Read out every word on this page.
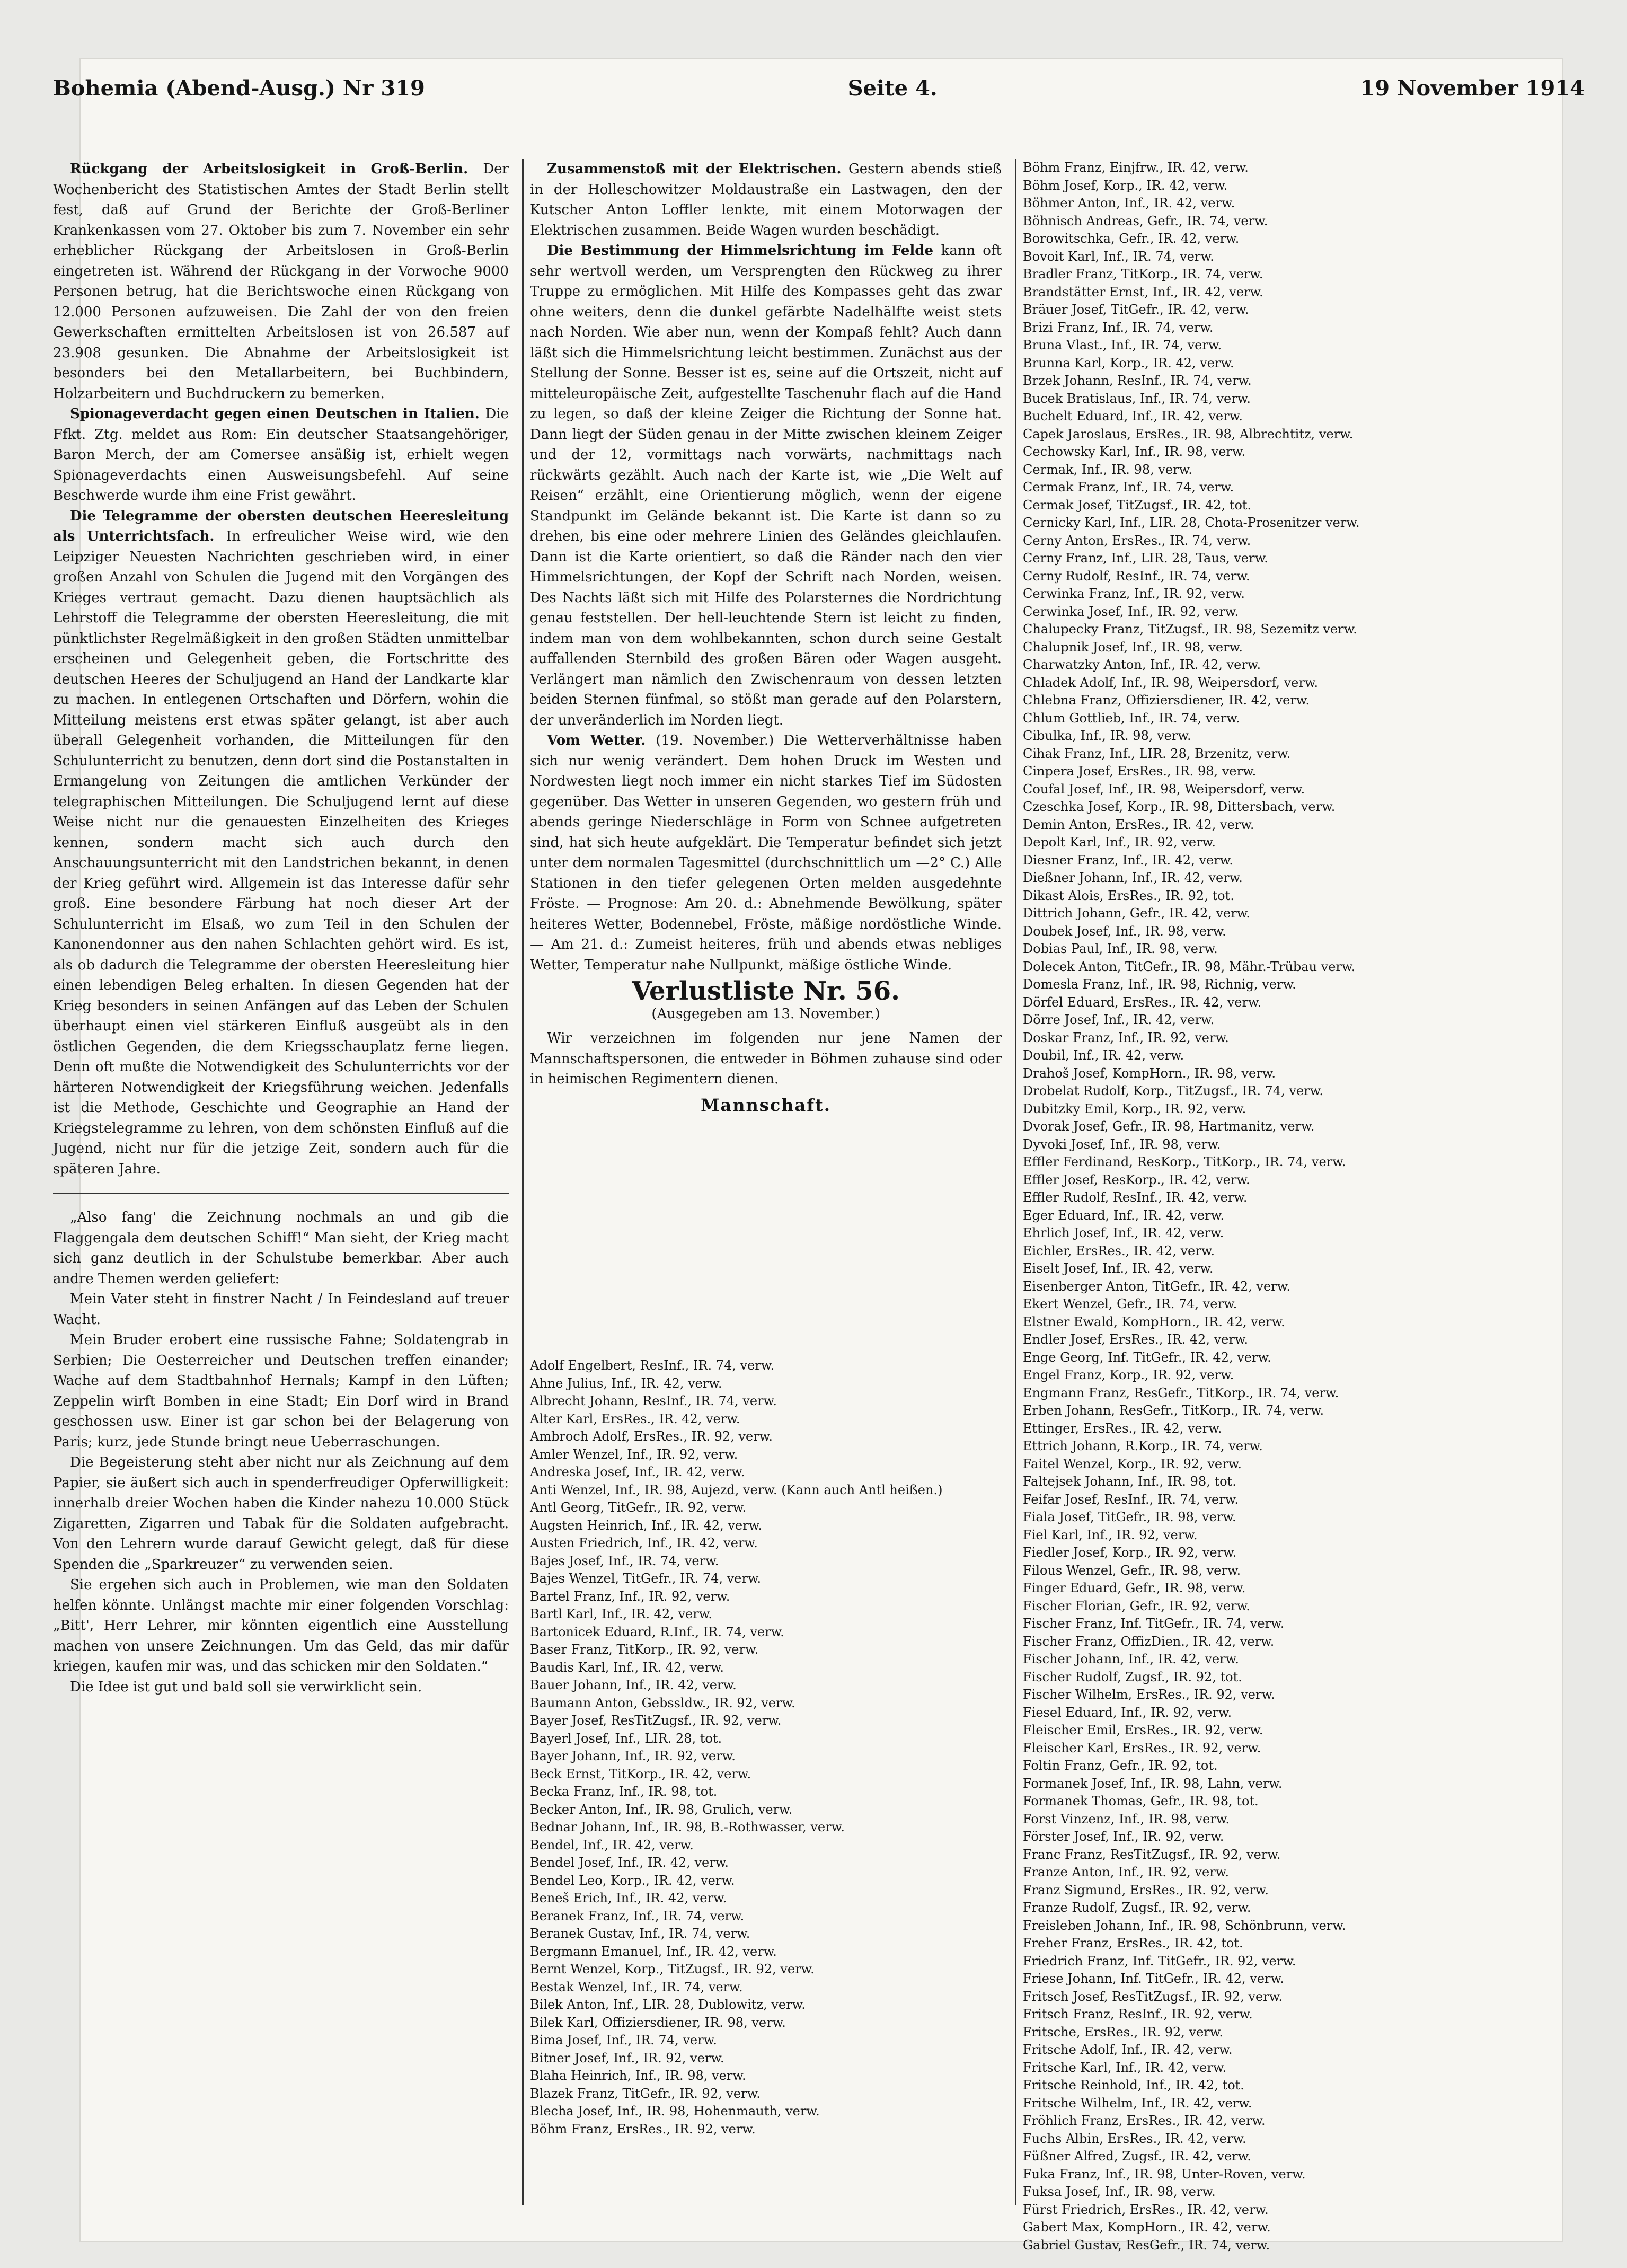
Bohemia (Abend-Ausg.) Nr 319	Seite 4.	19 November 1914

Rückgang der Arbeitslosigkeit in Groß-Berlin. Der Wochenbericht des Statistischen Amtes der Stadt Berlin stellt fest, daß auf Grund der Berichte der Groß-Berliner Krankenkassen vom 27. Oktober bis zum 7. November ein sehr erheblicher Rückgang der Arbeitslosen in Groß-Berlin eingetreten ist. Während der Rückgang in der Vorwoche 9000 Personen betrug, hat die Berichtswoche einen Rückgang von 12.000 Personen aufzuweisen. Die Zahl der von den freien Gewerkschaften ermittelten Arbeitslosen ist von 26.587 auf 23.908 gesunken. Die Abnahme der Arbeitslosigkeit ist besonders bei den Metallarbeitern, bei Buchbindern, Holzarbeitern und Buchdruckern zu bemerken.

Spionageverdacht gegen einen Deutschen in Italien. Die Ffkt. Ztg. meldet aus Rom: Ein deutscher Staatsangehöriger, Baron Merch, der am Comersee ansäßig ist, erhielt wegen Spionageverdachts einen Ausweisungsbefehl. Auf seine Beschwerde wurde ihm eine Frist gewährt.

Die Telegramme der obersten deutschen Heeresleitung als Unterrichtsfach. In erfreulicher Weise wird, wie den Leipziger Neuesten Nachrichten geschrieben wird, in einer großen Anzahl von Schulen die Jugend mit den Vorgängen des Krieges vertraut gemacht. Dazu dienen hauptsächlich als Lehrstoff die Telegramme der obersten Heeresleitung, die mit pünktlichster Regelmäßigkeit in den großen Städten unmittelbar erscheinen und Gelegenheit geben, die Fortschritte des deutschen Heeres der Schuljugend an Hand der Landkarte klar zu machen. In entlegenen Ortschaften und Dörfern, wohin die Mitteilung meistens erst etwas später gelangt, ist aber auch überall Gelegenheit vorhanden, die Mitteilungen für den Schulunterricht zu benutzen, denn dort sind die Postanstalten in Ermangelung von Zeitungen die amtlichen Verkünder der telegraphischen Mitteilungen. Die Schuljugend lernt auf diese Weise nicht nur die genauesten Einzelheiten des Krieges kennen, sondern macht sich auch durch den Anschauungsunterricht mit den Landstrichen bekannt, in denen der Krieg geführt wird. Allgemein ist das Interesse dafür sehr groß. Eine besondere Färbung hat noch dieser Art der Schulunterricht im Elsaß, wo zum Teil in den Schulen der Kanonendonner aus den nahen Schlachten gehört wird. Es ist, als ob dadurch die Telegramme der obersten Heeresleitung hier einen lebendigen Beleg erhalten. In diesen Gegenden hat der Krieg besonders in seinen Anfängen auf das Leben der Schulen überhaupt einen viel stärkeren Einfluß ausgeübt als in den östlichen Gegenden, die dem Kriegsschauplatz ferne liegen. Denn oft mußte die Notwendigkeit des Schulunterrichts vor der härteren Notwendigkeit der Kriegsführung weichen. Jedenfalls ist die Methode, Geschichte und Geographie an Hand der Kriegstelegramme zu lehren, von dem schönsten Einfluß auf die Jugend, nicht nur für die jetzige Zeit, sondern auch für die späteren Jahre.

„Also fang' die Zeichnung nochmals an und gib die Flaggengala dem deutschen Schiff!“ Man sieht, der Krieg macht sich ganz deutlich in der Schulstube bemerkbar. Aber auch andre Themen werden geliefert:

Mein Vater steht in finstrer Nacht / In Feindesland auf treuer Wacht.

Mein Bruder erobert eine russische Fahne; Soldatengrab in Serbien; Die Oesterreicher und Deutschen treffen einander; Wache auf dem Stadtbahnhof Hernals; Kampf in den Lüften; Zeppelin wirft Bomben in eine Stadt; Ein Dorf wird in Brand geschossen usw. Einer ist gar schon bei der Belagerung von Paris; kurz, jede Stunde bringt neue Ueberraschungen.

Die Begeisterung steht aber nicht nur als Zeichnung auf dem Papier, sie äußert sich auch in spenderfreudiger Opferwilligkeit: innerhalb dreier Wochen haben die Kinder nahezu 10.000 Stück Zigaretten, Zigarren und Tabak für die Soldaten aufgebracht. Von den Lehrern wurde darauf Gewicht gelegt, daß für diese Spenden die „Sparkreuzer“ zu verwenden seien.

Sie ergehen sich auch in Problemen, wie man den Soldaten helfen könnte. Unlängst machte mir einer folgenden Vorschlag: „Bitt', Herr Lehrer, mir könnten eigentlich eine Ausstellung machen von unsere Zeichnungen. Um das Geld, das mir dafür kriegen, kaufen mir was, und das schicken mir den Soldaten.“

Die Idee ist gut und bald soll sie verwirklicht sein.

Zusammenstoß mit der Elektrischen. Gestern abends stieß in der Holleschowitzer Moldaustraße ein Lastwagen, den der Kutscher Anton Loffler lenkte, mit einem Motorwagen der Elektrischen zusammen. Beide Wagen wurden beschädigt.

Die Bestimmung der Himmelsrichtung im Felde kann oft sehr wertvoll werden, um Versprengten den Rückweg zu ihrer Truppe zu ermöglichen. Mit Hilfe des Kompasses geht das zwar ohne weiters, denn die dunkel gefärbte Nadelhälfte weist stets nach Norden. Wie aber nun, wenn der Kompaß fehlt? Auch dann läßt sich die Himmelsrichtung leicht bestimmen. Zunächst aus der Stellung der Sonne. Besser ist es, seine auf die Ortszeit, nicht auf mitteleuropäische Zeit, aufgestellte Taschenuhr flach auf die Hand zu legen, so daß der kleine Zeiger die Richtung der Sonne hat. Dann liegt der Süden genau in der Mitte zwischen kleinem Zeiger und der 12, vormittags nach vorwärts, nachmittags nach rückwärts gezählt. Auch nach der Karte ist, wie „Die Welt auf Reisen“ erzählt, eine Orientierung möglich, wenn der eigene Standpunkt im Gelände bekannt ist. Die Karte ist dann so zu drehen, bis eine oder mehrere Linien des Geländes gleichlaufen. Dann ist die Karte orientiert, so daß die Ränder nach den vier Himmelsrichtungen, der Kopf der Schrift nach Norden, weisen. Des Nachts läßt sich mit Hilfe des Polarsternes die Nordrichtung genau feststellen. Der hell-leuchtende Stern ist leicht zu finden, indem man von dem wohlbekannten, schon durch seine Gestalt auffallenden Sternbild des großen Bären oder Wagen ausgeht. Verlängert man nämlich den Zwischenraum von dessen letzten beiden Sternen fünfmal, so stößt man gerade auf den Polarstern, der unveränderlich im Norden liegt.

Vom Wetter. (19. November.) Die Wetterverhältnisse haben sich nur wenig verändert. Dem hohen Druck im Westen und Nordwesten liegt noch immer ein nicht starkes Tief im Südosten gegenüber. Das Wetter in unseren Gegenden, wo gestern früh und abends geringe Niederschläge in Form von Schnee aufgetreten sind, hat sich heute aufgeklärt. Die Temperatur befindet sich jetzt unter dem normalen Tagesmittel (durchschnittlich um —2° C.) Alle Stationen in den tiefer gelegenen Orten melden ausgedehnte Fröste. — Prognose: Am 20. d.: Abnehmende Bewölkung, später heiteres Wetter, Bodennebel, Fröste, mäßige nordöstliche Winde. — Am 21. d.: Zumeist heiteres, früh und abends etwas nebliges Wetter, Temperatur nahe Nullpunkt, mäßige östliche Winde.

Verlustliste Nr. 56.
(Ausgegeben am 13. November.)

Wir verzeichnen im folgenden nur jene Namen der Mannschaftspersonen, die entweder in Böhmen zuhause sind oder in heimischen Regimentern dienen.

Mannschaft.
Adolf Engelbert, ResInf., IR. 74, verw.
Ahne Julius, Inf., IR. 42, verw.
Albrecht Johann, ResInf., IR. 74, verw.
Alter Karl, ErsRes., IR. 42, verw.
Ambroch Adolf, ErsRes., IR. 92, verw.
Amler Wenzel, Inf., IR. 92, verw.
Andreska Josef, Inf., IR. 42, verw.
Anti Wenzel, Inf., IR. 98, Aujezd, verw. (Kann auch Antl heißen.)
Antl Georg, TitGefr., IR. 92, verw.
Augsten Heinrich, Inf., IR. 42, verw.
Austen Friedrich, Inf., IR. 42, verw.
Bajes Josef, Inf., IR. 74, verw.
Bajes Wenzel, TitGefr., IR. 74, verw.
Bartel Franz, Inf., IR. 92, verw.
Bartl Karl, Inf., IR. 42, verw.
Bartonicek Eduard, R.Inf., IR. 74, verw.
Baser Franz, TitKorp., IR. 92, verw.
Baudis Karl, Inf., IR. 42, verw.
Bauer Johann, Inf., IR. 42, verw.
Baumann Anton, Gebssldw., IR. 92, verw.
Bayer Josef, ResTitZugsf., IR. 92, verw.
Bayerl Josef, Inf., LIR. 28, tot.
Bayer Johann, Inf., IR. 92, verw.
Beck Ernst, TitKorp., IR. 42, verw.
Becka Franz, Inf., IR. 98, tot.
Becker Anton, Inf., IR. 98, Grulich, verw.
Bednar Johann, Inf., IR. 98, B.-Rothwasser, verw.
Bendel, Inf., IR. 42, verw.
Bendel Josef, Inf., IR. 42, verw.
Bendel Leo, Korp., IR. 42, verw.
Beneš Erich, Inf., IR. 42, verw.
Beranek Franz, Inf., IR. 74, verw.
Beranek Gustav, Inf., IR. 74, verw.
Bergmann Emanuel, Inf., IR. 42, verw.
Bernt Wenzel, Korp., TitZugsf., IR. 92, verw.
Bestak Wenzel, Inf., IR. 74, verw.
Bilek Anton, Inf., LIR. 28, Dublowitz, verw.
Bilek Karl, Offiziersdiener, IR. 98, verw.
Bima Josef, Inf., IR. 74, verw.
Bitner Josef, Inf., IR. 92, verw.
Blaha Heinrich, Inf., IR. 98, verw.
Blazek Franz, TitGefr., IR. 92, verw.
Blecha Josef, Inf., IR. 98, Hohenmauth, verw.
Böhm Franz, ErsRes., IR. 92, verw.
Böhm Franz, Einjfrw., IR. 42, verw.
Böhm Josef, Korp., IR. 42, verw.
Böhmer Anton, Inf., IR. 42, verw.
Böhnisch Andreas, Gefr., IR. 74, verw.
Borowitschka, Gefr., IR. 42, verw.
Bovoit Karl, Inf., IR. 74, verw.
Bradler Franz, TitKorp., IR. 74, verw.
Brandstätter Ernst, Inf., IR. 42, verw.
Bräuer Josef, TitGefr., IR. 42, verw.
Brizi Franz, Inf., IR. 74, verw.
Bruna Vlast., Inf., IR. 74, verw.
Brunna Karl, Korp., IR. 42, verw.
Brzek Johann, ResInf., IR. 74, verw.
Bucek Bratislaus, Inf., IR. 74, verw.
Buchelt Eduard, Inf., IR. 42, verw.
Capek Jaroslaus, ErsRes., IR. 98, Albrechtitz, verw.
Cechowsky Karl, Inf., IR. 98, verw.
Cermak, Inf., IR. 98, verw.
Cermak Franz, Inf., IR. 74, verw.
Cermak Josef, TitZugsf., IR. 42, tot.
Cernicky Karl, Inf., LIR. 28, Chota-Prosenitzer verw.
Cerny Anton, ErsRes., IR. 74, verw.
Cerny Franz, Inf., LIR. 28, Taus, verw.
Cerny Rudolf, ResInf., IR. 74, verw.
Cerwinka Franz, Inf., IR. 92, verw.
Cerwinka Josef, Inf., IR. 92, verw.
Chalupecky Franz, TitZugsf., IR. 98, Sezemitz verw.
Chalupnik Josef, Inf., IR. 98, verw.
Charwatzky Anton, Inf., IR. 42, verw.
Chladek Adolf, Inf., IR. 98, Weipersdorf, verw.
Chlebna Franz, Offiziersdiener, IR. 42, verw.
Chlum Gottlieb, Inf., IR. 74, verw.
Cibulka, Inf., IR. 98, verw.
Cihak Franz, Inf., LIR. 28, Brzenitz, verw.
Cinpera Josef, ErsRes., IR. 98, verw.
Coufal Josef, Inf., IR. 98, Weipersdorf, verw.
Czeschka Josef, Korp., IR. 98, Dittersbach, verw.
Demin Anton, ErsRes., IR. 42, verw.
Depolt Karl, Inf., IR. 92, verw.
Diesner Franz, Inf., IR. 42, verw.
Dießner Johann, Inf., IR. 42, verw.
Dikast Alois, ErsRes., IR. 92, tot.
Dittrich Johann, Gefr., IR. 42, verw.
Doubek Josef, Inf., IR. 98, verw.
Dobias Paul, Inf., IR. 98, verw.
Dolecek Anton, TitGefr., IR. 98, Mähr.-Trübau verw.
Domesla Franz, Inf., IR. 98, Richnig, verw.
Dörfel Eduard, ErsRes., IR. 42, verw.
Dörre Josef, Inf., IR. 42, verw.
Doskar Franz, Inf., IR. 92, verw.
Doubil, Inf., IR. 42, verw.
Drahoš Josef, KompHorn., IR. 98, verw.
Drobelat Rudolf, Korp., TitZugsf., IR. 74, verw.
Dubitzky Emil, Korp., IR. 92, verw.
Dvorak Josef, Gefr., IR. 98, Hartmanitz, verw.
Dyvoki Josef, Inf., IR. 98, verw.
Effler Ferdinand, ResKorp., TitKorp., IR. 74, verw.
Effler Josef, ResKorp., IR. 42, verw.
Effler Rudolf, ResInf., IR. 42, verw.
Eger Eduard, Inf., IR. 42, verw.
Ehrlich Josef, Inf., IR. 42, verw.
Eichler, ErsRes., IR. 42, verw.
Eiselt Josef, Inf., IR. 42, verw.
Eisenberger Anton, TitGefr., IR. 42, verw.
Ekert Wenzel, Gefr., IR. 74, verw.
Elstner Ewald, KompHorn., IR. 42, verw.
Endler Josef, ErsRes., IR. 42, verw.
Enge Georg, Inf. TitGefr., IR. 42, verw.
Engel Franz, Korp., IR. 92, verw.
Engmann Franz, ResGefr., TitKorp., IR. 74, verw.
Erben Johann, ResGefr., TitKorp., IR. 74, verw.
Ettinger, ErsRes., IR. 42, verw.
Ettrich Johann, R.Korp., IR. 74, verw.
Faitel Wenzel, Korp., IR. 92, verw.
Faltejsek Johann, Inf., IR. 98, tot.
Feifar Josef, ResInf., IR. 74, verw.
Fiala Josef, TitGefr., IR. 98, verw.
Fiel Karl, Inf., IR. 92, verw.
Fiedler Josef, Korp., IR. 92, verw.
Filous Wenzel, Gefr., IR. 98, verw.
Finger Eduard, Gefr., IR. 98, verw.
Fischer Florian, Gefr., IR. 92, verw.
Fischer Franz, Inf. TitGefr., IR. 74, verw.
Fischer Franz, OffizDien., IR. 42, verw.
Fischer Johann, Inf., IR. 42, verw.
Fischer Rudolf, Zugsf., IR. 92, tot.
Fischer Wilhelm, ErsRes., IR. 92, verw.
Fiesel Eduard, Inf., IR. 92, verw.
Fleischer Emil, ErsRes., IR. 92, verw.
Fleischer Karl, ErsRes., IR. 92, verw.
Foltin Franz, Gefr., IR. 92, tot.
Formanek Josef, Inf., IR. 98, Lahn, verw.
Formanek Thomas, Gefr., IR. 98, tot.
Forst Vinzenz, Inf., IR. 98, verw.
Förster Josef, Inf., IR. 92, verw.
Franc Franz, ResTitZugsf., IR. 92, verw.
Franze Anton, Inf., IR. 92, verw.
Franz Sigmund, ErsRes., IR. 92, verw.
Franze Rudolf, Zugsf., IR. 92, verw.
Freisleben Johann, Inf., IR. 98, Schönbrunn, verw.
Freher Franz, ErsRes., IR. 42, tot.
Friedrich Franz, Inf. TitGefr., IR. 92, verw.
Friese Johann, Inf. TitGefr., IR. 42, verw.
Fritsch Josef, ResTitZugsf., IR. 92, verw.
Fritsch Franz, ResInf., IR. 92, verw.
Fritsche, ErsRes., IR. 92, verw.
Fritsche Adolf, Inf., IR. 42, verw.
Fritsche Karl, Inf., IR. 42, verw.
Fritsche Reinhold, Inf., IR. 42, tot.
Fritsche Wilhelm, Inf., IR. 42, verw.
Fröhlich Franz, ErsRes., IR. 42, verw.
Fuchs Albin, ErsRes., IR. 42, verw.
Füßner Alfred, Zugsf., IR. 42, verw.
Fuka Franz, Inf., IR. 98, Unter-Roven, verw.
Fuksa Josef, Inf., IR. 98, verw.
Fürst Friedrich, ErsRes., IR. 42, verw.
Gabert Max, KompHorn., IR. 42, verw.
Gabriel Gustav, ResGefr., IR. 74, verw.
